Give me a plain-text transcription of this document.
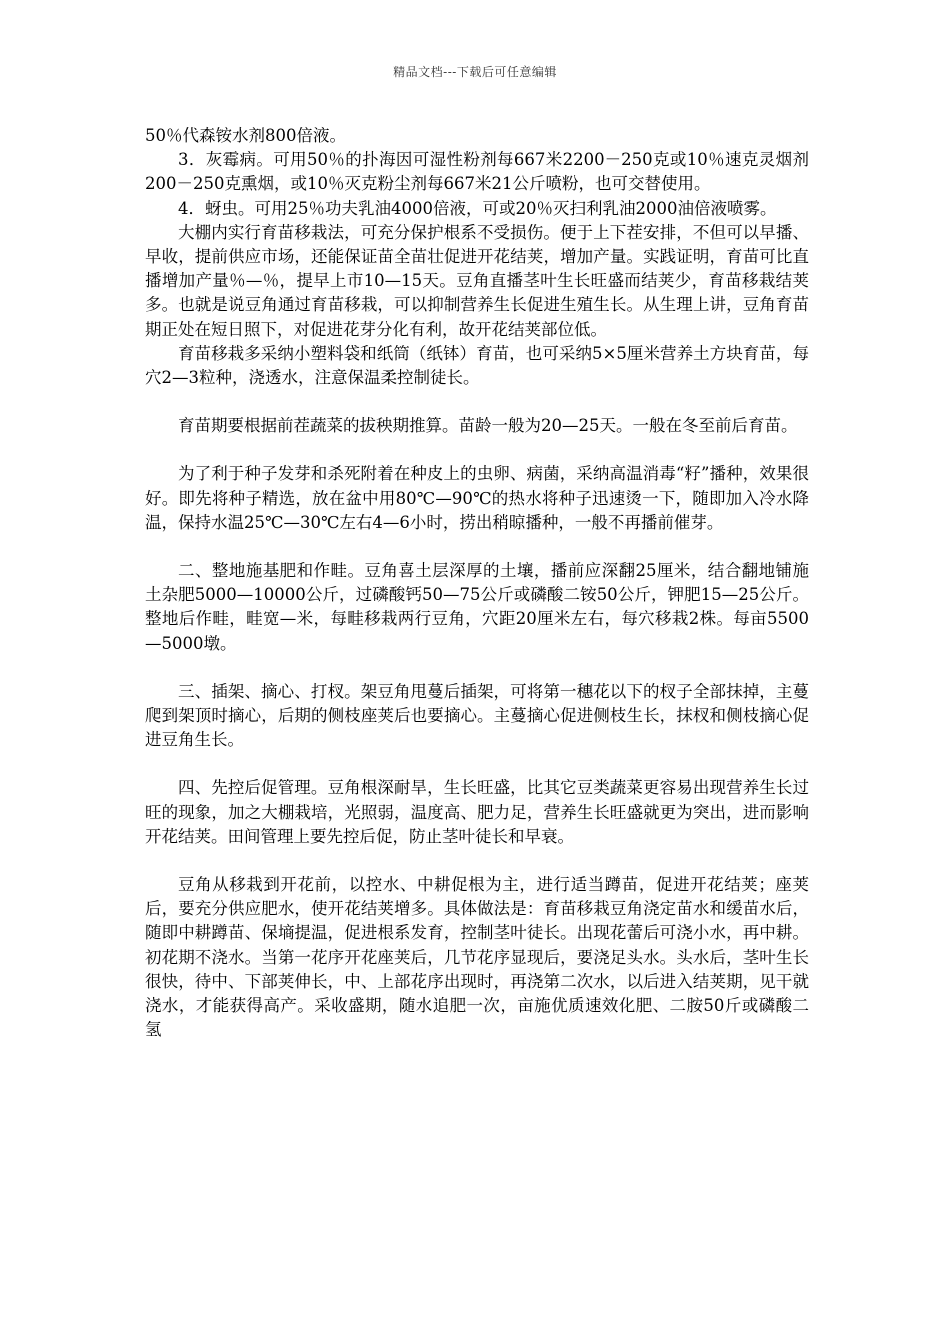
精品文档---下载后可任意编辑

50％代森铵水剂800倍液。

3．灰霉病。可用50％的扑海因可湿性粉剂每667米2200－250克或10％速克灵烟剂200－250克熏烟，或10％灭克粉尘剂每667米21公斤喷粉，也可交替使用。

4．蚜虫。可用25％功夫乳油4000倍液，可或20％灭扫利乳油2000油倍液喷雾。

大棚内实行育苗移栽法，可充分保护根系不受损伤。便于上下茬安排，不但可以早播、早收，提前供应市场，还能保证苗全苗壮促进开花结荚，增加产量。实践证明，育苗可比直播增加产量％—％，提早上市10—15天。豆角直播茎叶生长旺盛而结荚少，育苗移栽结荚多。也就是说豆角通过育苗移栽，可以抑制营养生长促进生殖生长。从生理上讲，豆角育苗期正处在短日照下，对促进花芽分化有利，故开花结荚部位低。

育苗移栽多采纳小塑料袋和纸筒（纸钵）育苗，也可采纳5×5厘米营养土方块育苗，每穴2—3粒种，浇透水，注意保温柔控制徒长。

育苗期要根据前茬蔬菜的拔秧期推算。苗龄一般为20—25天。一般在冬至前后育苗。

为了利于种子发芽和杀死附着在种皮上的虫卵、病菌，采纳高温消毒“籽”播种，效果很好。即先将种子精选，放在盆中用80℃—90℃的热水将种子迅速烫一下，随即加入冷水降温，保持水温25℃—30℃左右4—6小时，捞出稍晾播种，一般不再播前催芽。

二、整地施基肥和作畦。豆角喜土层深厚的土壤，播前应深翻25厘米，结合翻地铺施土杂肥5000—10000公斤，过磷酸钙50—75公斤或磷酸二铵50公斤，钾肥15—25公斤。整地后作畦，畦宽—米，每畦移栽两行豆角，穴距20厘米左右，每穴移栽2株。每亩5500—5000墩。

三、插架、摘心、打杈。架豆角甩蔓后插架，可将第一穗花以下的杈子全部抹掉，主蔓爬到架顶时摘心，后期的侧枝座荚后也要摘心。主蔓摘心促进侧枝生长，抹杈和侧枝摘心促进豆角生长。

四、先控后促管理。豆角根深耐旱，生长旺盛，比其它豆类蔬菜更容易出现营养生长过旺的现象，加之大棚栽培，光照弱，温度高、肥力足，营养生长旺盛就更为突出，进而影响开花结荚。田间管理上要先控后促，防止茎叶徒长和早衰。

豆角从移栽到开花前，以控水、中耕促根为主，进行适当蹲苗，促进开花结荚；座荚后，要充分供应肥水，使开花结荚增多。具体做法是：育苗移栽豆角浇定苗水和缓苗水后，随即中耕蹲苗、保墒提温，促进根系发育，控制茎叶徒长。出现花蕾后可浇小水，再中耕。初花期不浇水。当第一花序开花座荚后，几节花序显现后，要浇足头水。头水后，茎叶生长很快，待中、下部荚伸长，中、上部花序出现时，再浇第二次水，以后进入结荚期，见干就浇水，才能获得高产。采收盛期，随水追肥一次，亩施优质速效化肥、二胺50斤或磷酸二氢
